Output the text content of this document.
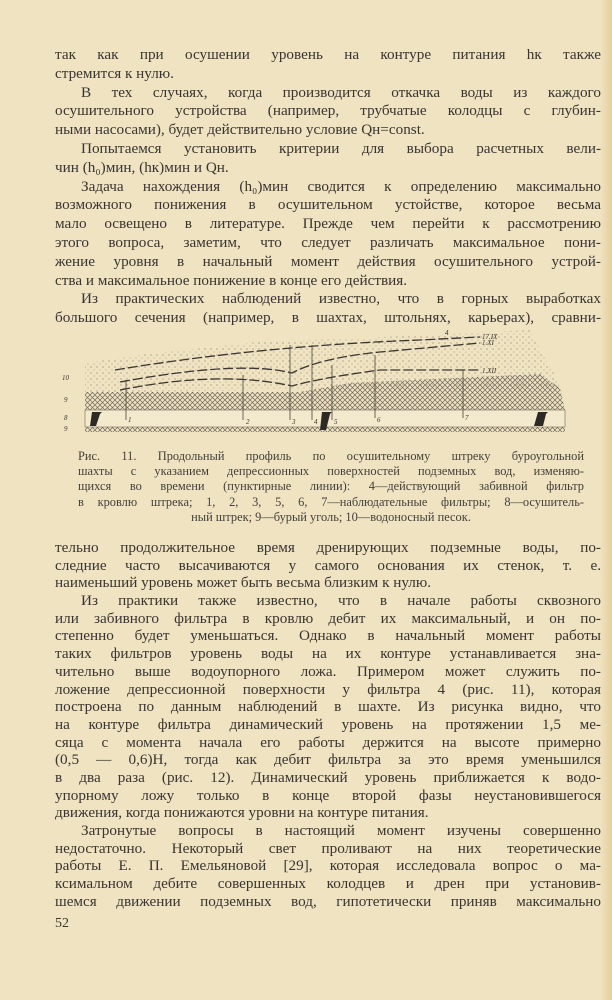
так как при осушении уровень на контуре питания hк также
стремится к нулю.
В тех случаях, когда производится откачка воды из каждого
осушительного устройства (например, трубчатые колодцы с глубин-
ными насосами), будет действительно условие Qн=const.
Попытаемся установить критерии для выбора расчетных вели-
чин (h₀)мин, (hк)мин и Qн.
Задача нахождения (h₀)мин сводится к определению максимально
возможного понижения в осушительном устойстве, которое весьма
мало освещено в литературе. Прежде чем перейти к рассмотрению
этого вопроса, заметим, что следует различать максимальное пони-
жение уровня в начальный момент действия осушительного устрой-
ства и максимальное понижение в конце его действия.
Из практических наблюдений известно, что в горных выработках
большого сечения (например, в шахтах, штольнях, карьерах), сравни-
10
9
8
9
1	2	3	4 5	6	7
17.IX
1.XI
1.XII
4
Рис. 11. Продольный профиль по осушительному штреку буроугольной
шахты с указанием депрессионных поверхностей подземных вод, изменяю-
щихся во времени (пунктирные линии): 4—действующий забивной фильтр
в кровлю штрека; 1, 2, 3, 5, 6, 7—наблюдательные фильтры; 8—осушитель-
ный штрек; 9—бурый уголь; 10—водоносный песок.
тельно продолжительное время дренирующих подземные воды, по-
следние часто высачиваются у самого основания их стенок, т. е.
наименьший уровень может быть весьма близким к нулю.
Из практики также известно, что в начале работы сквозного
или забивного фильтра в кровлю дебит их максимальный, и он по-
степенно будет уменьшаться. Однако в начальный момент работы
таких фильтров уровень воды на их контуре устанавливается зна-
чительно выше водоупорного ложа. Примером может служить по-
ложение депрессионной поверхности у фильтра 4 (рис. 11), которая
построена по данным наблюдений в шахте. Из рисунка видно, что
на контуре фильтра динамический уровень на протяжении 1,5 ме-
сяца с момента начала его работы держится на высоте примерно
(0,5 — 0,6)H, тогда как дебит фильтра за это время уменьшился
в два раза (рис. 12). Динамический уровень приближается к водо-
упорному ложу только в конце второй фазы неустановившегося
движения, когда понижаются уровни на контуре питания.
Затронутые вопросы в настоящий момент изучены совершенно
недостаточно. Некоторый свет проливают на них теоретические
работы Е. П. Емельяновой [29], которая исследовала вопрос о ма-
ксимальном дебите совершенных колодцев и дрен при установив-
шемся движении подземных вод, гипотетически приняв максимально
52
